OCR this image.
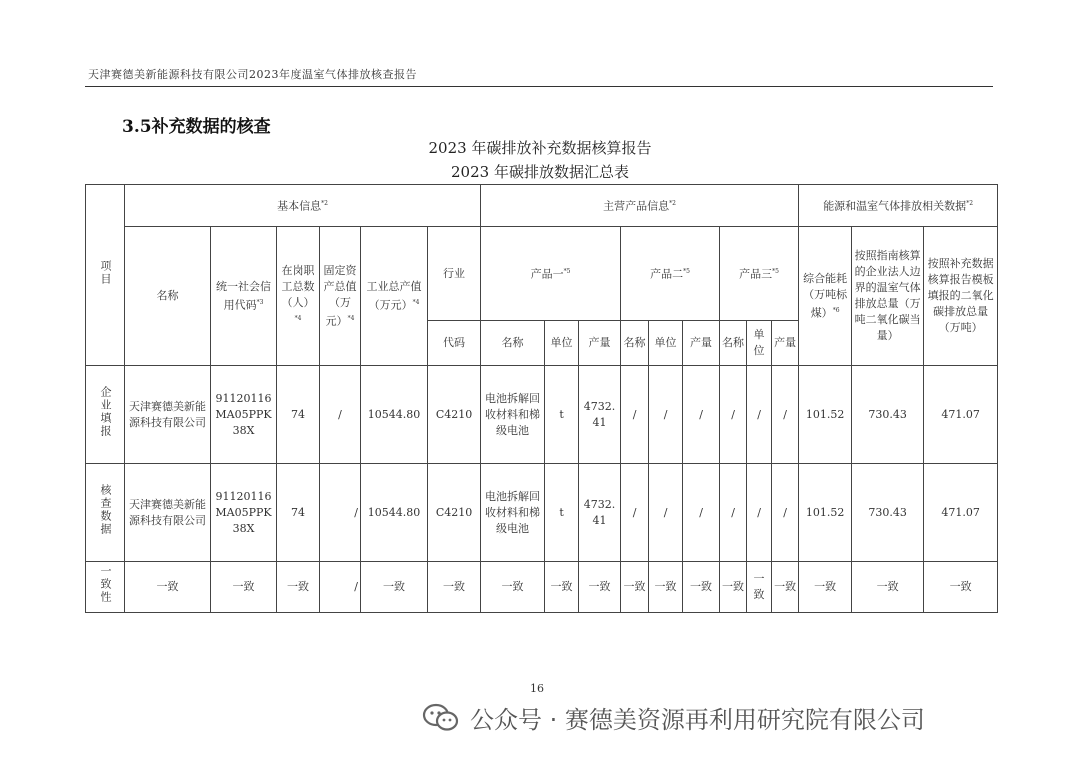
天津赛德美新能源科技有限公司2023年度温室气体排放核查报告
3.5补充数据的核查
2023 年碳排放补充数据核算报告
2023 年碳排放数据汇总表
项目	基本信息$^{*2}$						主营产品信息$^{*2}$									能源和温室气体排放相关数据$^{*2}$
	名称	统一社会信用代码$^{*3}$	在岗职工总数（人）$^{*4}$	固定资产总值（万元）$^{*4}$	工业总产值（万元）$^{*4}$	行业	产品一$^{*5}$			产品二$^{*5}$			产品三$^{*5}$			综合能耗（万吨标煤）$^{*6}$	按照指南核算的企业法人边界的温室气体排放总量（万吨二氧化碳当量）	按照补充数据核算报告模板填报的二氧化碳排放总量（万吨）
						代码	名称	单位	产量	名称	单位	产量	名称	单位	产量			
企业填报	天津赛德美新能源科技有限公司	91120116MA05PPK38X	74	/	10544.80	C4210	电池拆解回收材料和梯级电池	t	4732.41	/	/	/	/	/	/	101.52	730.43	471.07
核查数据	天津赛德美新能源科技有限公司	91120116MA05PPK38X	74	/	10544.80	C4210	电池拆解回收材料和梯级电池	t	4732.41	/	/	/	/	/	/	101.52	730.43	471.07
一致性	一致	一致	一致	/	一致	一致	一致	一致	一致	一致	一致	一致	一致	一致	一致	一致	一致	一致
16
公众号 · 赛德美资源再利用研究院有限公司
